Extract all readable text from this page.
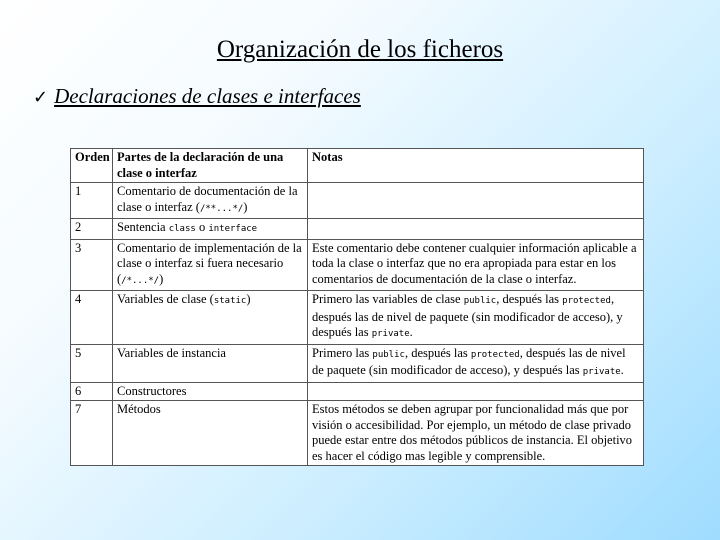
Organización de los ficheros
✓ Declaraciones de clases e interfaces
Orden	Partes de la declaración de una clase o interfaz	Notas
1	Comentario de documentación de la clase o interfaz (/**...*/)	
2	Sentencia class o interface	
3	Comentario de implementación de la clase o interfaz si fuera necesario (/*...*/)	Este comentario debe contener cualquier información aplicable a toda la clase o interfaz que no era apropiada para estar en los comentarios de documentación de la clase o interfaz.
4	Variables de clase (static)	Primero las variables de clase public, después las protected, después las de nivel de paquete (sin modificador de acceso), y después las private.
5	Variables de instancia	Primero las public, después las protected, después las de nivel de paquete (sin modificador de acceso), y después las private.
6	Constructores	
7	Métodos	Estos métodos se deben agrupar por funcionalidad más que por visión o accesibilidad. Por ejemplo, un método de clase privado puede estar entre dos métodos públicos de instancia. El objetivo es hacer el código mas legible y comprensible.
